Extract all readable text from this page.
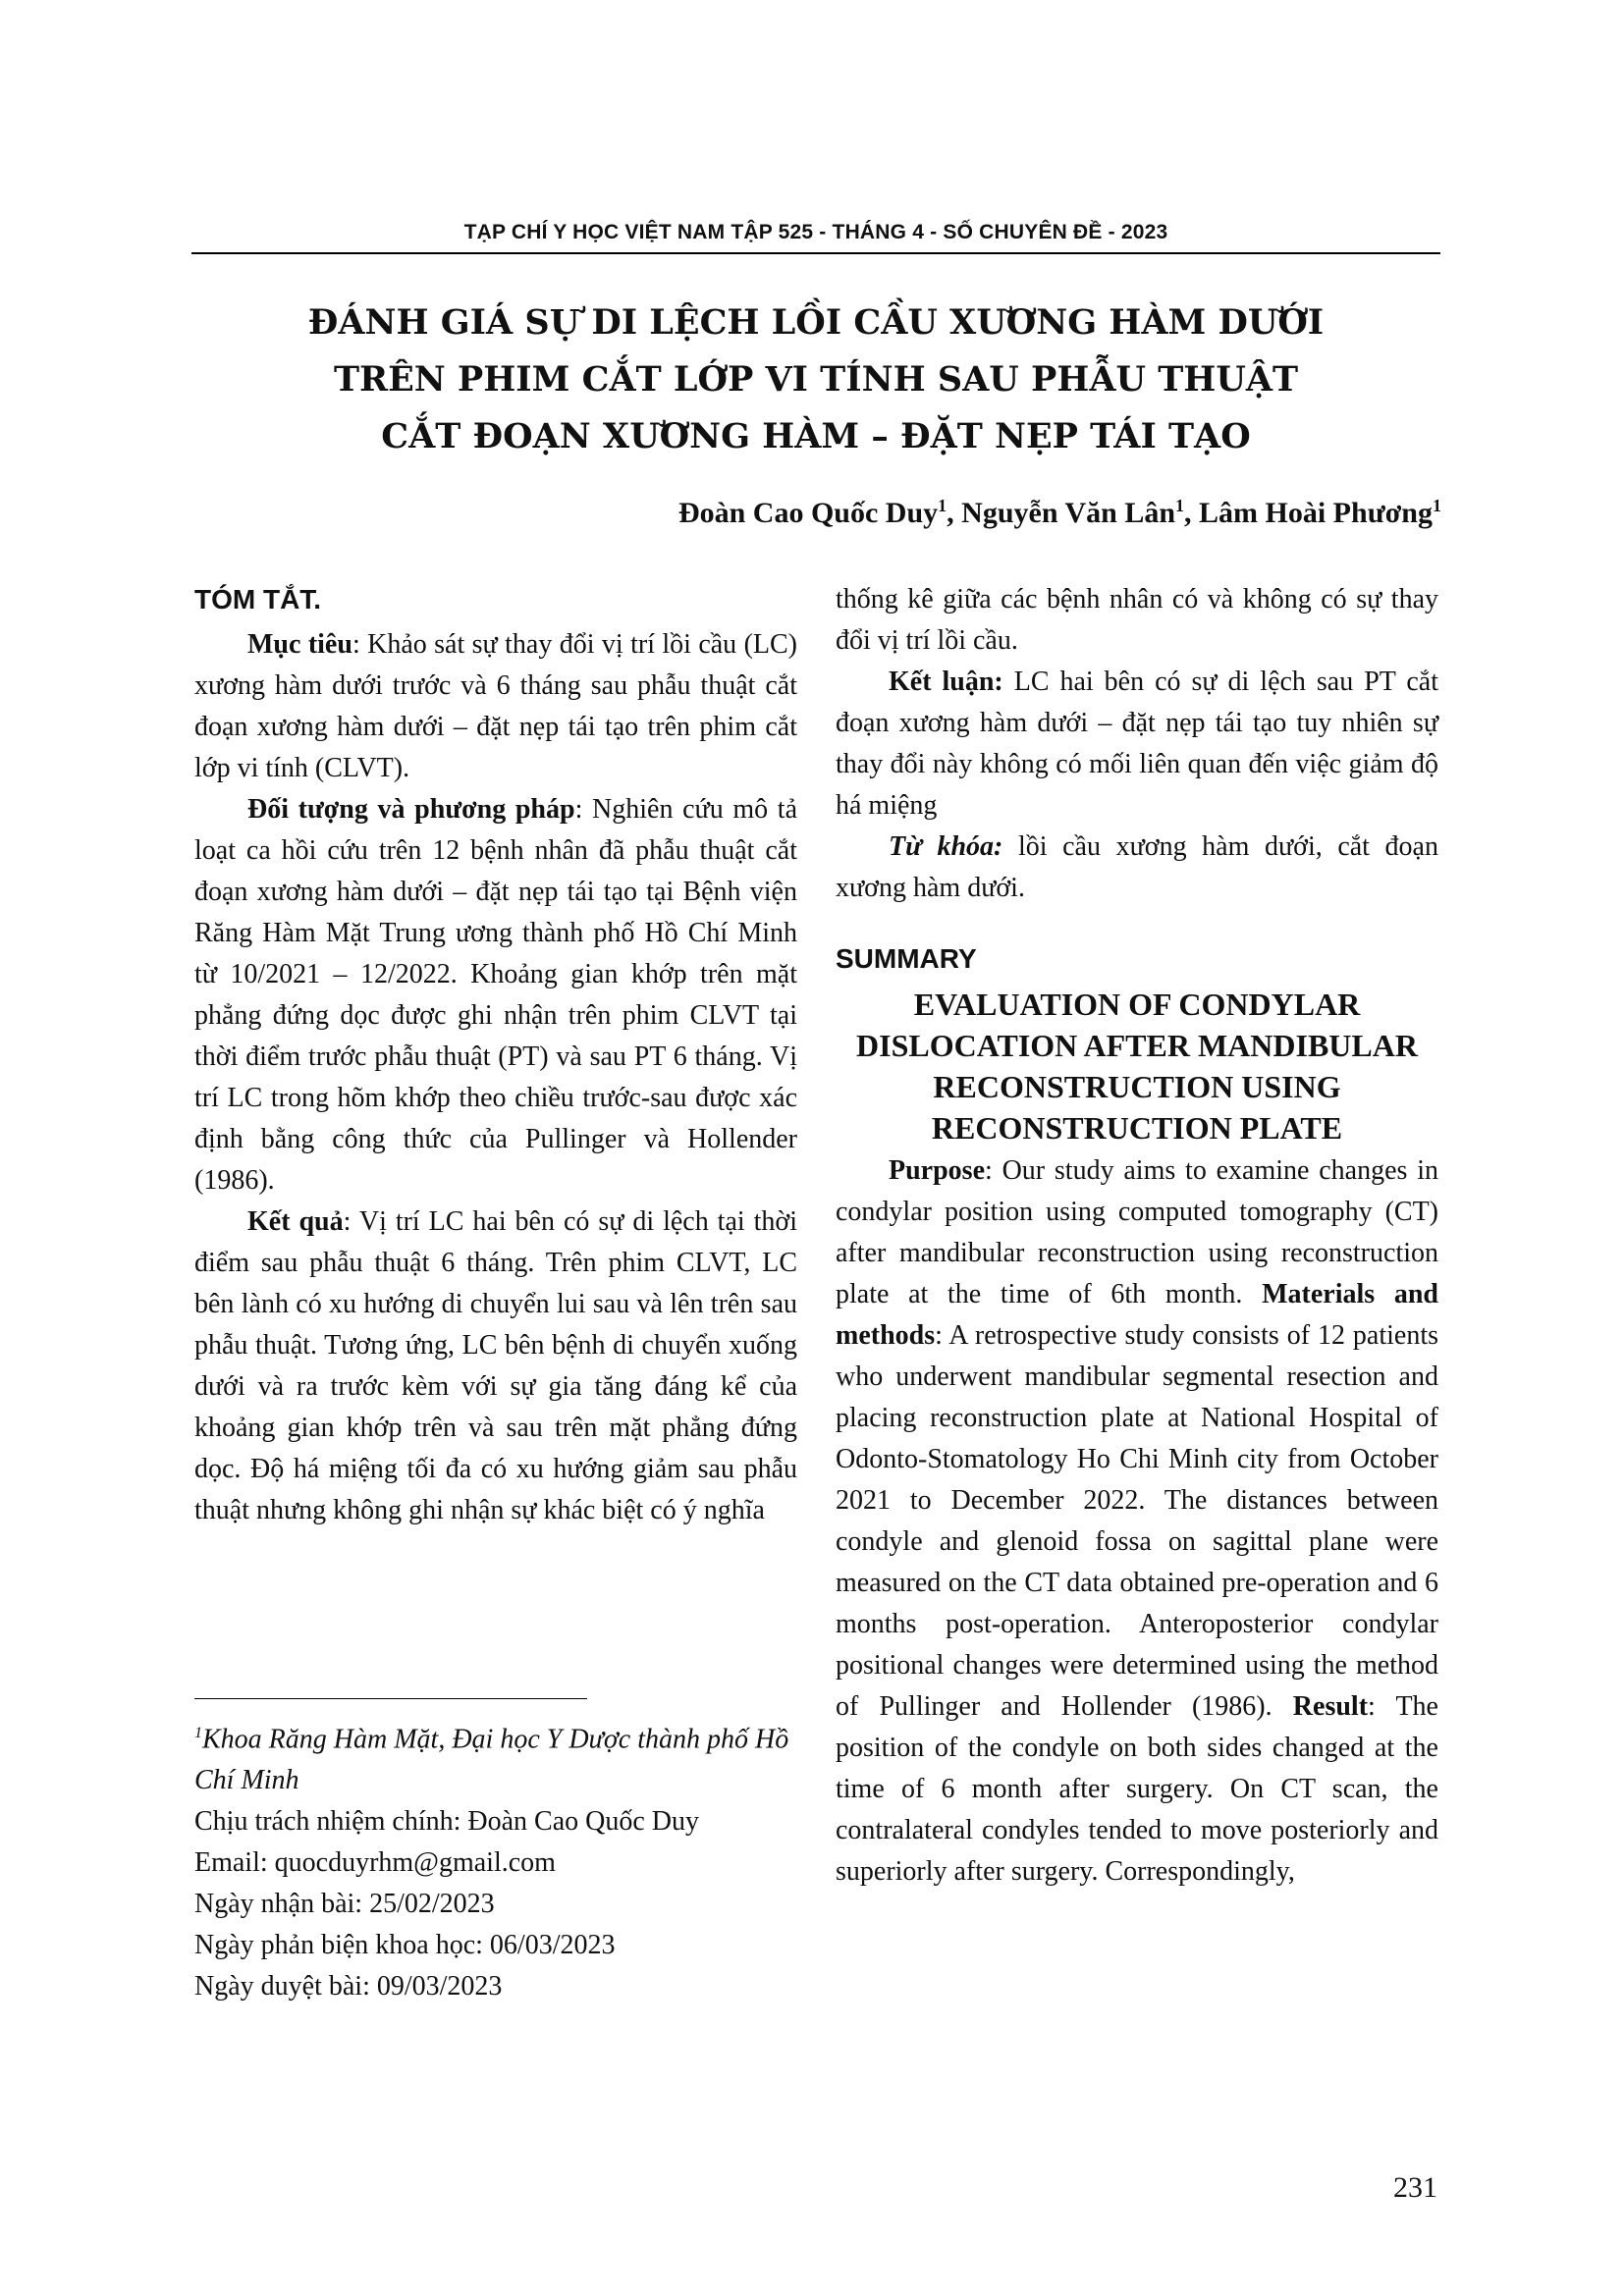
TẠP CHÍ Y HỌC VIỆT NAM TẬP 525 - THÁNG 4 - SỐ CHUYÊN ĐỀ - 2023
ĐÁNH GIÁ SỰ DI LỆCH LỒI CẦU XƯƠNG HÀM DƯỚI
TRÊN PHIM CẮT LỚP VI TÍNH SAU PHẪU THUẬT
CẮT ĐOẠN XƯƠNG HÀM – ĐẶT NẸP TÁI TẠO
Đoàn Cao Quốc Duy$^1$, Nguyễn Văn Lân$^1$, Lâm Hoài Phương$^1$
TÓM TẮT.

Mục tiêu: Khảo sát sự thay đổi vị trí lồi cầu (LC) xương hàm dưới trước và 6 tháng sau phẫu thuật cắt đoạn xương hàm dưới – đặt nẹp tái tạo trên phim cắt lớp vi tính (CLVT).

Đối tượng và phương pháp: Nghiên cứu mô tả loạt ca hồi cứu trên 12 bệnh nhân đã phẫu thuật cắt đoạn xương hàm dưới – đặt nẹp tái tạo tại Bệnh viện Răng Hàm Mặt Trung ương thành phố Hồ Chí Minh từ 10/2021 – 12/2022. Khoảng gian khớp trên mặt phẳng đứng dọc được ghi nhận trên phim CLVT tại thời điểm trước phẫu thuật (PT) và sau PT 6 tháng. Vị trí LC trong hõm khớp theo chiều trước-sau được xác định bằng công thức của Pullinger và Hollender (1986).

Kết quả: Vị trí LC hai bên có sự di lệch tại thời điểm sau phẫu thuật 6 tháng. Trên phim CLVT, LC bên lành có xu hướng di chuyển lui sau và lên trên sau phẫu thuật. Tương ứng, LC bên bệnh di chuyển xuống dưới và ra trước kèm với sự gia tăng đáng kể của khoảng gian khớp trên và sau trên mặt phẳng đứng dọc. Độ há miệng tối đa có xu hướng giảm sau phẫu thuật nhưng không ghi nhận sự khác biệt có ý nghĩa

thống kê giữa các bệnh nhân có và không có sự thay đổi vị trí lồi cầu.

Kết luận: LC hai bên có sự di lệch sau PT cắt đoạn xương hàm dưới – đặt nẹp tái tạo tuy nhiên sự thay đổi này không có mối liên quan đến việc giảm độ há miệng

Từ khóa: lồi cầu xương hàm dưới, cắt đoạn xương hàm dưới.

SUMMARY
EVALUATION OF CONDYLAR
DISLOCATION AFTER MANDIBULAR
RECONSTRUCTION USING
RECONSTRUCTION PLATE

Purpose: Our study aims to examine changes in condylar position using computed tomography (CT) after mandibular reconstruction using reconstruction plate at the time of 6th month. Materials and methods: A retrospective study consists of 12 patients who underwent mandibular segmental resection and placing reconstruction plate at National Hospital of Odonto-Stomatology Ho Chi Minh city from October 2021 to December 2022. The distances between condyle and glenoid fossa on sagittal plane were measured on the CT data obtained pre-operation and 6 months post-operation. Anteroposterior condylar positional changes were determined using the method of Pullinger and Hollender (1986). Result: The position of the condyle on both sides changed at the time of 6 month after surgery. On CT scan, the contralateral condyles tended to move posteriorly and superiorly after surgery. Correspondingly,

$^1$Khoa Răng Hàm Mặt, Đại học Y Dược thành phố Hồ Chí Minh

Chịu trách nhiệm chính: Đoàn Cao Quốc Duy

Email: quocduyrhm@gmail.com

Ngày nhận bài: 25/02/2023

Ngày phản biện khoa học: 06/03/2023

Ngày duyệt bài: 09/03/2023

231
